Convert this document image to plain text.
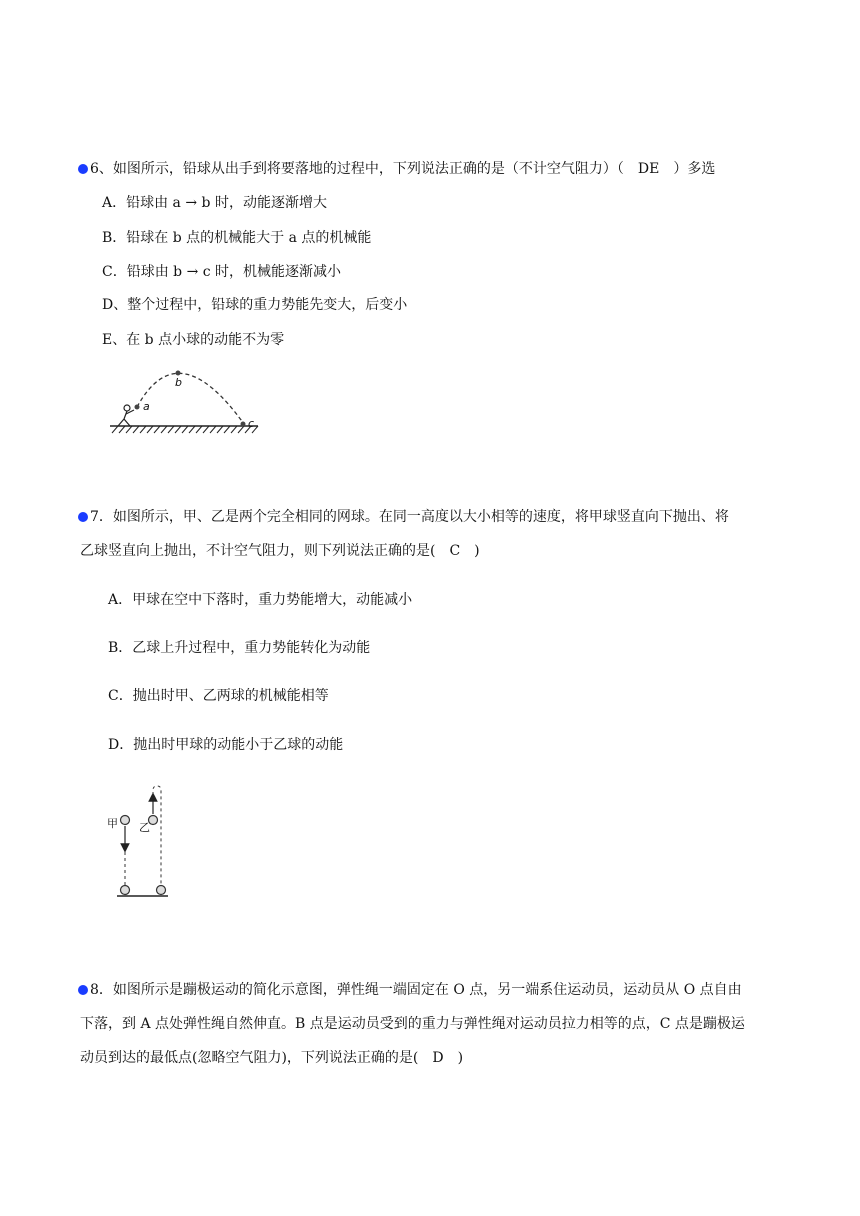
6、如图所示，铅球从出手到将要落地的过程中，下列说法正确的是（不计空气阻力）（　DE　）多选
A．铅球由 a → b 时，动能逐渐增大
B．铅球在 b 点的机械能大于 a 点的机械能
C．铅球由 b → c 时，机械能逐渐减小
D、整个过程中，铅球的重力势能先变大，后变小
E、在 b 点小球的动能不为零
a
b
c
7．如图所示，甲、乙是两个完全相同的网球。在同一高度以大小相等的速度，将甲球竖直向下抛出、将
乙球竖直向上抛出，不计空气阻力，则下列说法正确的是(　C　)
A．甲球在空中下落时，重力势能增大，动能减小
B．乙球上升过程中，重力势能转化为动能
C．抛出时甲、乙两球的机械能相等
D．抛出时甲球的动能小于乙球的动能
甲 乙
8．如图所示是蹦极运动的简化示意图，弹性绳一端固定在 O 点，另一端系住运动员，运动员从 O 点自由
下落，到 A 点处弹性绳自然伸直。B 点是运动员受到的重力与弹性绳对运动员拉力相等的点，C 点是蹦极运
动员到达的最低点(忽略空气阻力)，下列说法正确的是(　D　)
